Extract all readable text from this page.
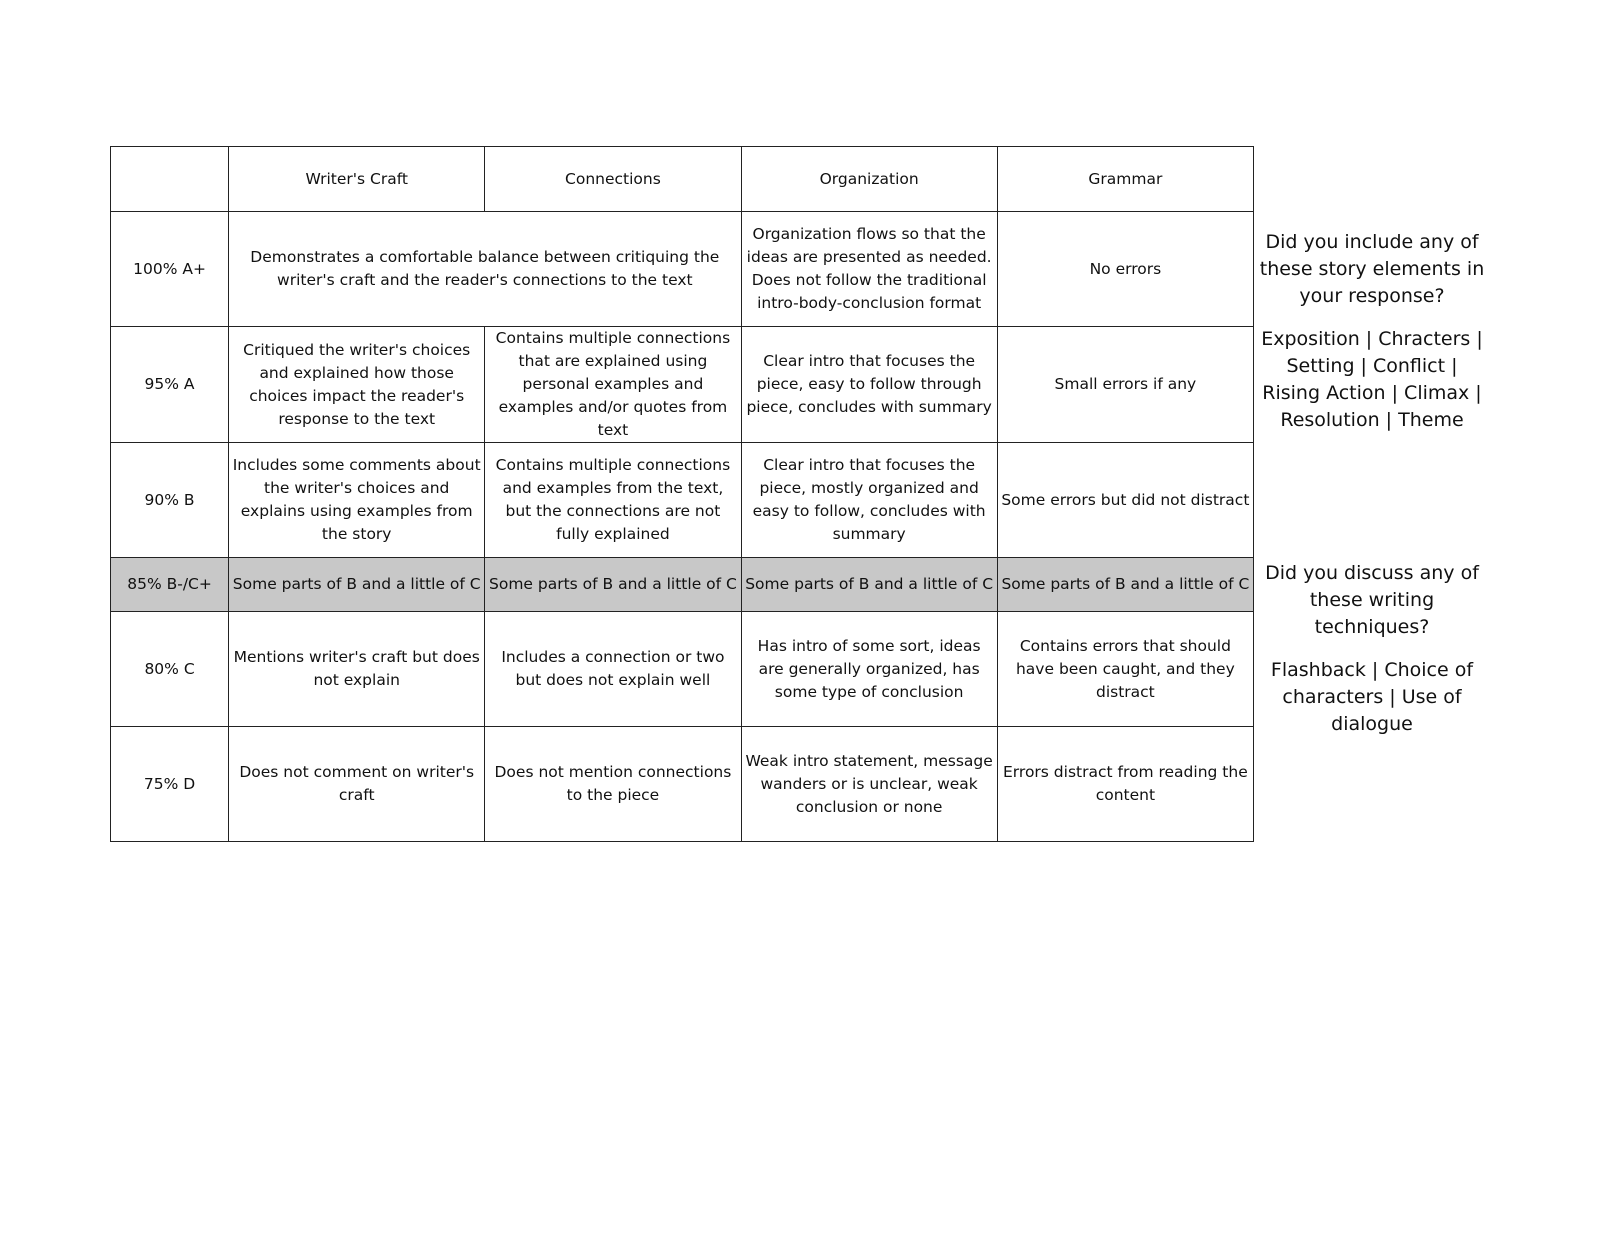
	Writer's Craft	Connections	Organization	Grammar
100% A+	Demonstrates a comfortable balance between critiquing the writer's craft and the reader's connections to the text		Organization flows so that the ideas are presented as needed. Does not follow the traditional intro-body-conclusion format	No errors
95% A	Critiqued the writer's choices and explained how those choices impact the reader's response to the text	Contains multiple connections that are explained using personal examples and examples and/or quotes from text	Clear intro that focuses the piece, easy to follow through piece, concludes with summary	Small errors if any
90% B	Includes some comments about the writer's choices and explains using examples from the story	Contains multiple connections and examples from the text, but the connections are not fully explained	Clear intro that focuses the piece, mostly organized and easy to follow, concludes with summary	Some errors but did not distract
85% B-/C+	Some parts of B and a little of C	Some parts of B and a little of C	Some parts of B and a little of C	Some parts of B and a little of C
80% C	Mentions writer's craft but does not explain	Includes a connection or two but does not explain well	Has intro of some sort, ideas are generally organized, has some type of conclusion	Contains errors that should have been caught, and they distract
75% D	Does not comment on writer's craft	Does not mention connections to the piece	Weak intro statement, message wanders or is unclear, weak conclusion or none	Errors distract from reading the content

Did you include any of these story elements in your response?

Exposition | Chracters | Setting | Conflict | Rising Action | Climax | Resolution | Theme

Did you discuss any of these writing techniques?

Flashback | Choice of characters | Use of dialogue
